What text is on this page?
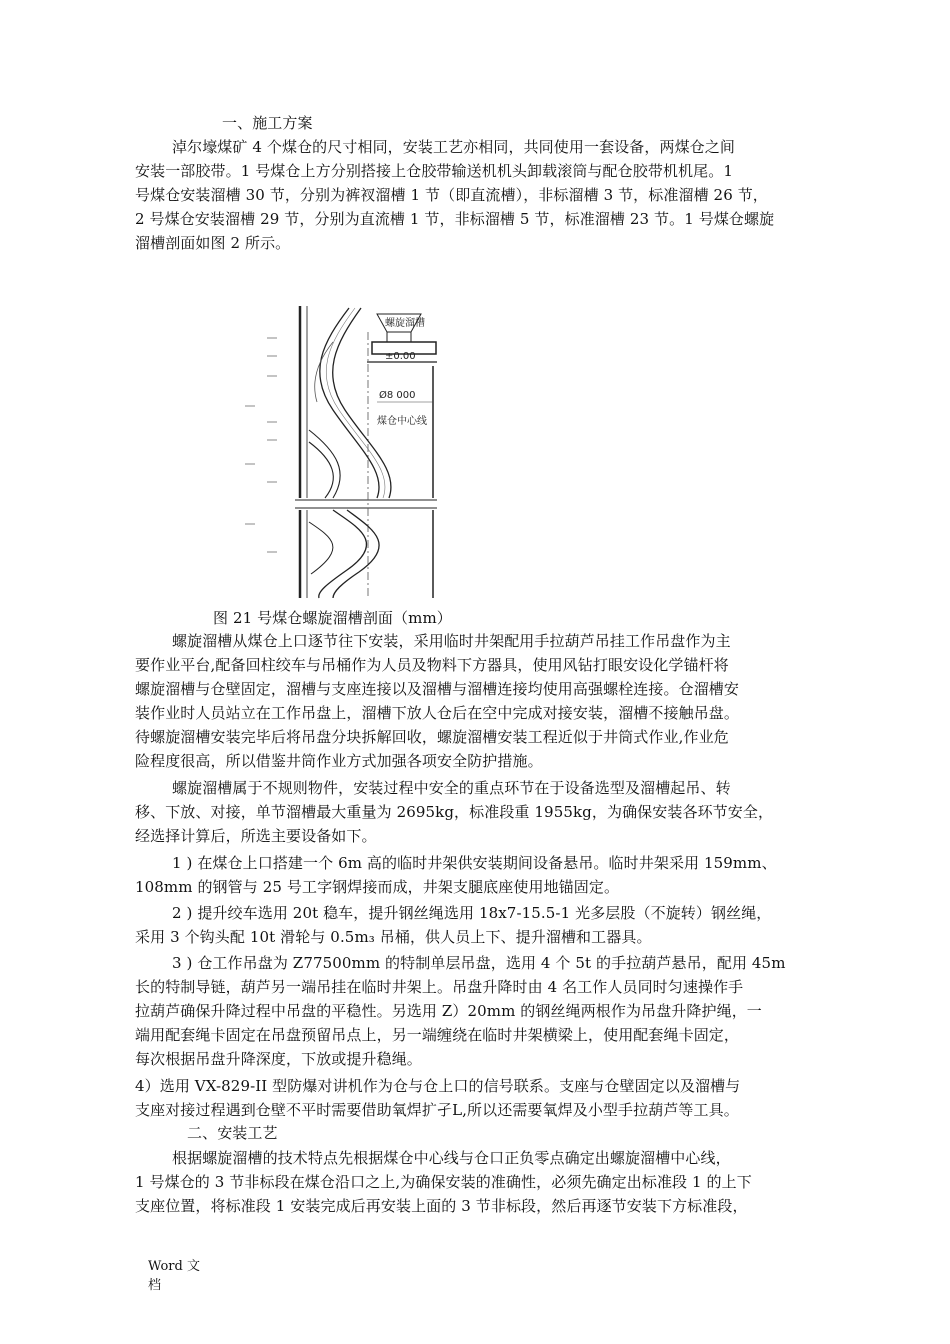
一、施工方案
淖尔壕煤矿 4 个煤仓的尺寸相同，安装工艺亦相同，共同使用一套设备，两煤仓之间
安装一部胶带。1 号煤仓上方分别搭接上仓胶带输送机机头卸载滚筒与配仓胶带机机尾。1
号煤仓安装溜槽 30 节，分别为裤衩溜槽 1 节（即直流槽），非标溜槽 3 节，标准溜槽 26 节，
2 号煤仓安装溜槽 29 节，分别为直流槽 1 节，非标溜槽 5 节，标准溜槽 23 节。1 号煤仓螺旋
溜槽剖面如图 2 所示。
螺旋溜槽
±0.00
Ø8 000
煤仓中心线
图 21 号煤仓螺旋溜槽剖面（mm）
螺旋溜槽从煤仓上口逐节往下安装，采用临时井架配用手拉葫芦吊挂工作吊盘作为主
要作业平台,配备回柱绞车与吊桶作为人员及物料下方器具，使用风钻打眼安设化学锚杆将
螺旋溜槽与仓壁固定，溜槽与支座连接以及溜槽与溜槽连接均使用高强螺栓连接。仓溜槽安
装作业时人员站立在工作吊盘上，溜槽下放人仓后在空中完成对接安装，溜槽不接触吊盘。
待螺旋溜槽安装完毕后将吊盘分块拆解回收，螺旋溜槽安装工程近似于井筒式作业,作业危
险程度很高，所以借鉴井筒作业方式加强各项安全防护措施。
螺旋溜槽属于不规则物件，安装过程中安全的重点环节在于设备选型及溜槽起吊、转
移、下放、对接，单节溜槽最大重量为 2695kg，标准段重 1955kg，为确保安装各环节安全，
经选择计算后，所选主要设备如下。
1 ) 在煤仓上口搭建一个 6m 高的临时井架供安装期间设备悬吊。临时井架采用 159mm、
108mm 的钢管与 25 号工字钢焊接而成，井架支腿底座使用地锚固定。
2 ) 提升绞车选用 20t 稳车，提升钢丝绳选用 18x7-15.5-1 光多层股（不旋转）钢丝绳，
采用 3 个钩头配 10t 滑轮与 0.5m₃ 吊桶，供人员上下、提升溜槽和工器具。
3 ) 仓工作吊盘为 Z77500mm 的特制单层吊盘，选用 4 个 5t 的手拉葫芦悬吊，配用 45m
长的特制导链，葫芦另一端吊挂在临时井架上。吊盘升降时由 4 名工作人员同时匀速操作手
拉葫芦确保升降过程中吊盘的平稳性。另选用 Z）20mm 的钢丝绳两根作为吊盘升降护绳，一
端用配套绳卡固定在吊盘预留吊点上，另一端缠绕在临时井架横梁上，使用配套绳卡固定，
每次根据吊盘升降深度，下放或提升稳绳。
4）选用 VX-829-II 型防爆对讲机作为仓与仓上口的信号联系。支座与仓壁固定以及溜槽与
支座对接过程遇到仓壁不平时需要借助氧焊扩孑L,所以还需要氧焊及小型手拉葫芦等工具。
二、安装工艺
根据螺旋溜槽的技术特点先根据煤仓中心线与仓口正负零点确定出螺旋溜槽中心线，
1 号煤仓的 3 节非标段在煤仓沿口之上,为确保安装的准确性，必须先确定出标准段 1 的上下
支座位置，将标准段 1 安装完成后再安装上面的 3 节非标段，然后再逐节安装下方标准段，
Word 文
档
